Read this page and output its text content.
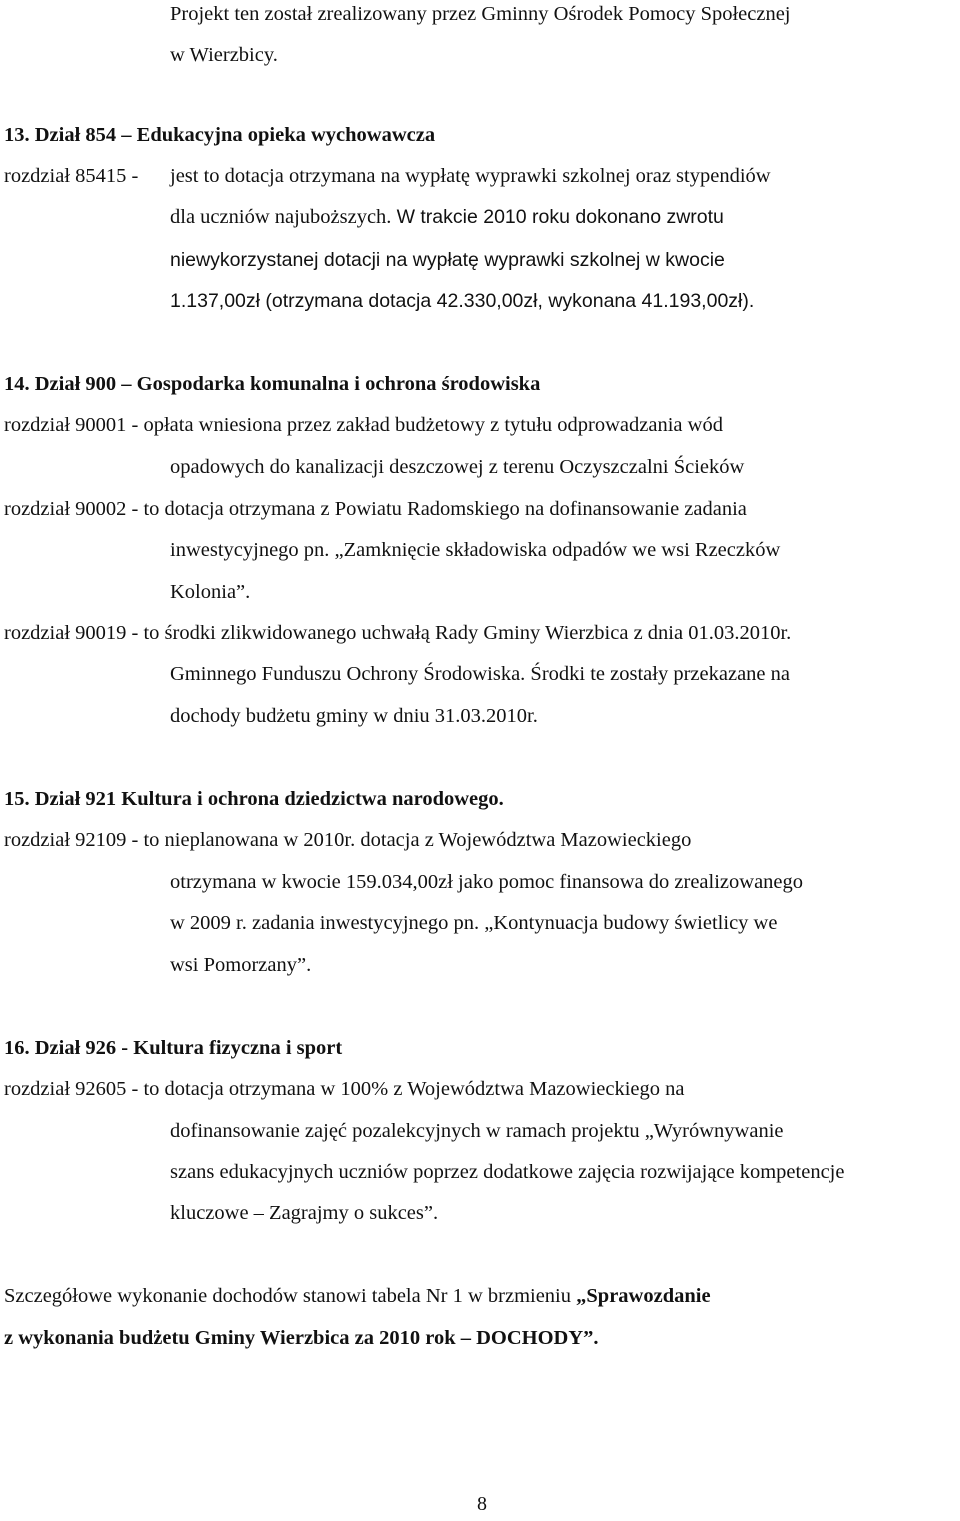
Projekt ten został zrealizowany przez Gminny Ośrodek Pomocy Społecznej
w Wierzbicy.
13. Dział 854 – Edukacyjna opieka wychowawcza
rozdział 85415 - jest to dotacja otrzymana na wypłatę wyprawki szkolnej oraz stypendiów
dla uczniów najuboższych. W trakcie 2010 roku dokonano zwrotu
niewykorzystanej dotacji na wypłatę wyprawki szkolnej w kwocie
1.137,00zł (otrzymana dotacja 42.330,00zł, wykonana 41.193,00zł).
14. Dział 900 – Gospodarka komunalna i ochrona środowiska
rozdział 90001 - opłata wniesiona przez zakład budżetowy z tytułu odprowadzania wód
opadowych do kanalizacji deszczowej z terenu Oczyszczalni Ścieków
rozdział 90002 - to dotacja otrzymana z Powiatu Radomskiego na dofinansowanie zadania
inwestycyjnego pn. „Zamknięcie składowiska odpadów we wsi Rzeczków
Kolonia”.
rozdział 90019 - to środki zlikwidowanego uchwałą Rady Gminy Wierzbica z dnia 01.03.2010r.
Gminnego Funduszu Ochrony Środowiska. Środki te zostały przekazane na
dochody budżetu gminy w dniu 31.03.2010r.
15. Dział 921 Kultura i ochrona dziedzictwa narodowego.
rozdział 92109 - to nieplanowana w 2010r. dotacja z Województwa Mazowieckiego
otrzymana w kwocie 159.034,00zł jako pomoc finansowa do zrealizowanego
w 2009 r. zadania inwestycyjnego pn. „Kontynuacja budowy świetlicy we
wsi Pomorzany”.
16. Dział 926 - Kultura fizyczna i sport
rozdział 92605 - to dotacja otrzymana w 100% z Województwa Mazowieckiego na
dofinansowanie zajęć pozalekcyjnych w ramach projektu „Wyrównywanie
szans edukacyjnych uczniów poprzez dodatkowe zajęcia rozwijające kompetencje
kluczowe – Zagrajmy o sukces”.
Szczegółowe wykonanie dochodów stanowi tabela Nr 1 w brzmieniu „Sprawozdanie
z wykonania budżetu Gminy Wierzbica za 2010 rok – DOCHODY”.
8
